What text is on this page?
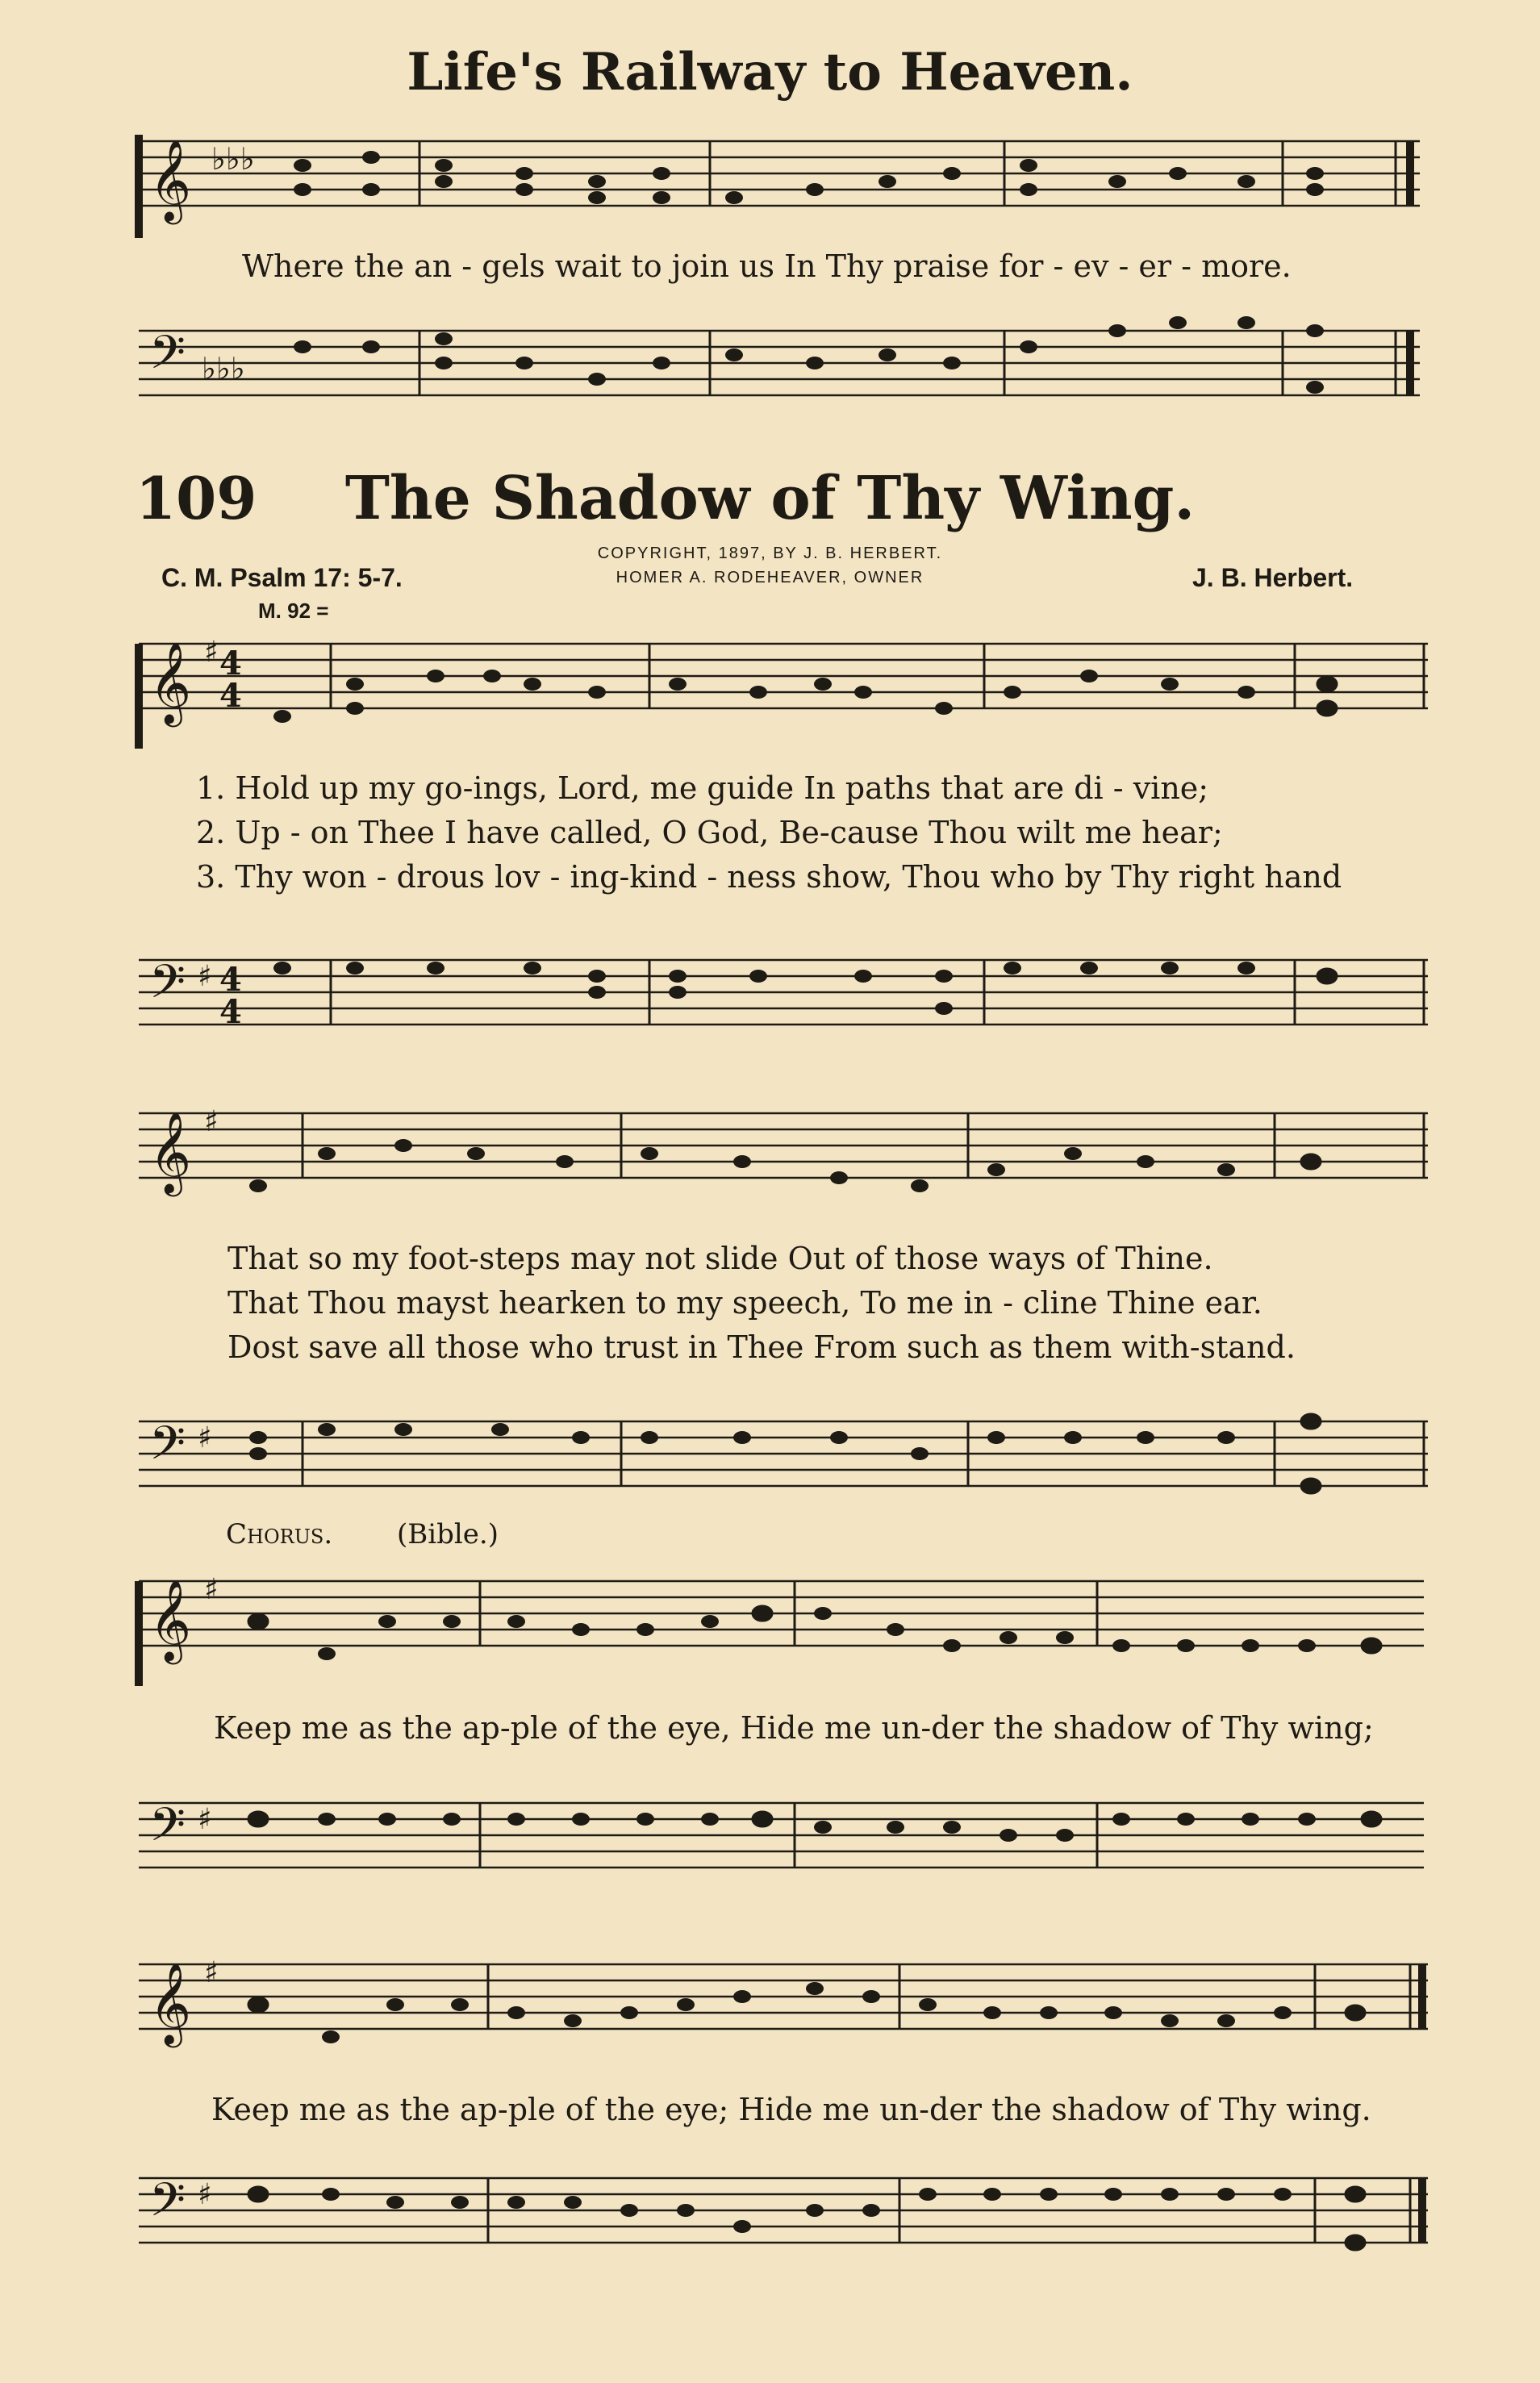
Life's Railway to Heaven.
𝄞 ♭♭♭
Where the an - gels wait to join us In Thy praise for - ev - er - more.
𝄢 ♭♭♭
109	The Shadow of Thy Wing.
COPYRIGHT, 1897, BY J. B. HERBERT.
HOMER A. RODEHEAVER, OWNER
C. M. Psalm 17: 5-7.	J. B. Herbert.
M. 92 =
𝄞 ♯ 4
4
1. Hold up my go-ings, Lord, me guide In paths that are di - vine;
2. Up - on Thee I have called, O God, Be-cause Thou wilt me hear;
3. Thy won - drous lov - ing-kind - ness show, Thou who by Thy right hand
𝄢 ♯ 4
4
𝄞 ♯
That so my foot-steps may not slide Out of those ways of Thine.
That Thou mayst hearken to my speech, To me in - cline Thine ear.
Dost save all those who trust in Thee From such as them with-stand.
𝄢 ♯
Chorus. (Bible.)
𝄞 ♯
Keep me as the ap-ple of the eye, Hide me un-der the shadow of Thy wing;
𝄢 ♯
𝄞 ♯
Keep me as the ap-ple of the eye; Hide me un-der the shadow of Thy wing.
𝄢 ♯
